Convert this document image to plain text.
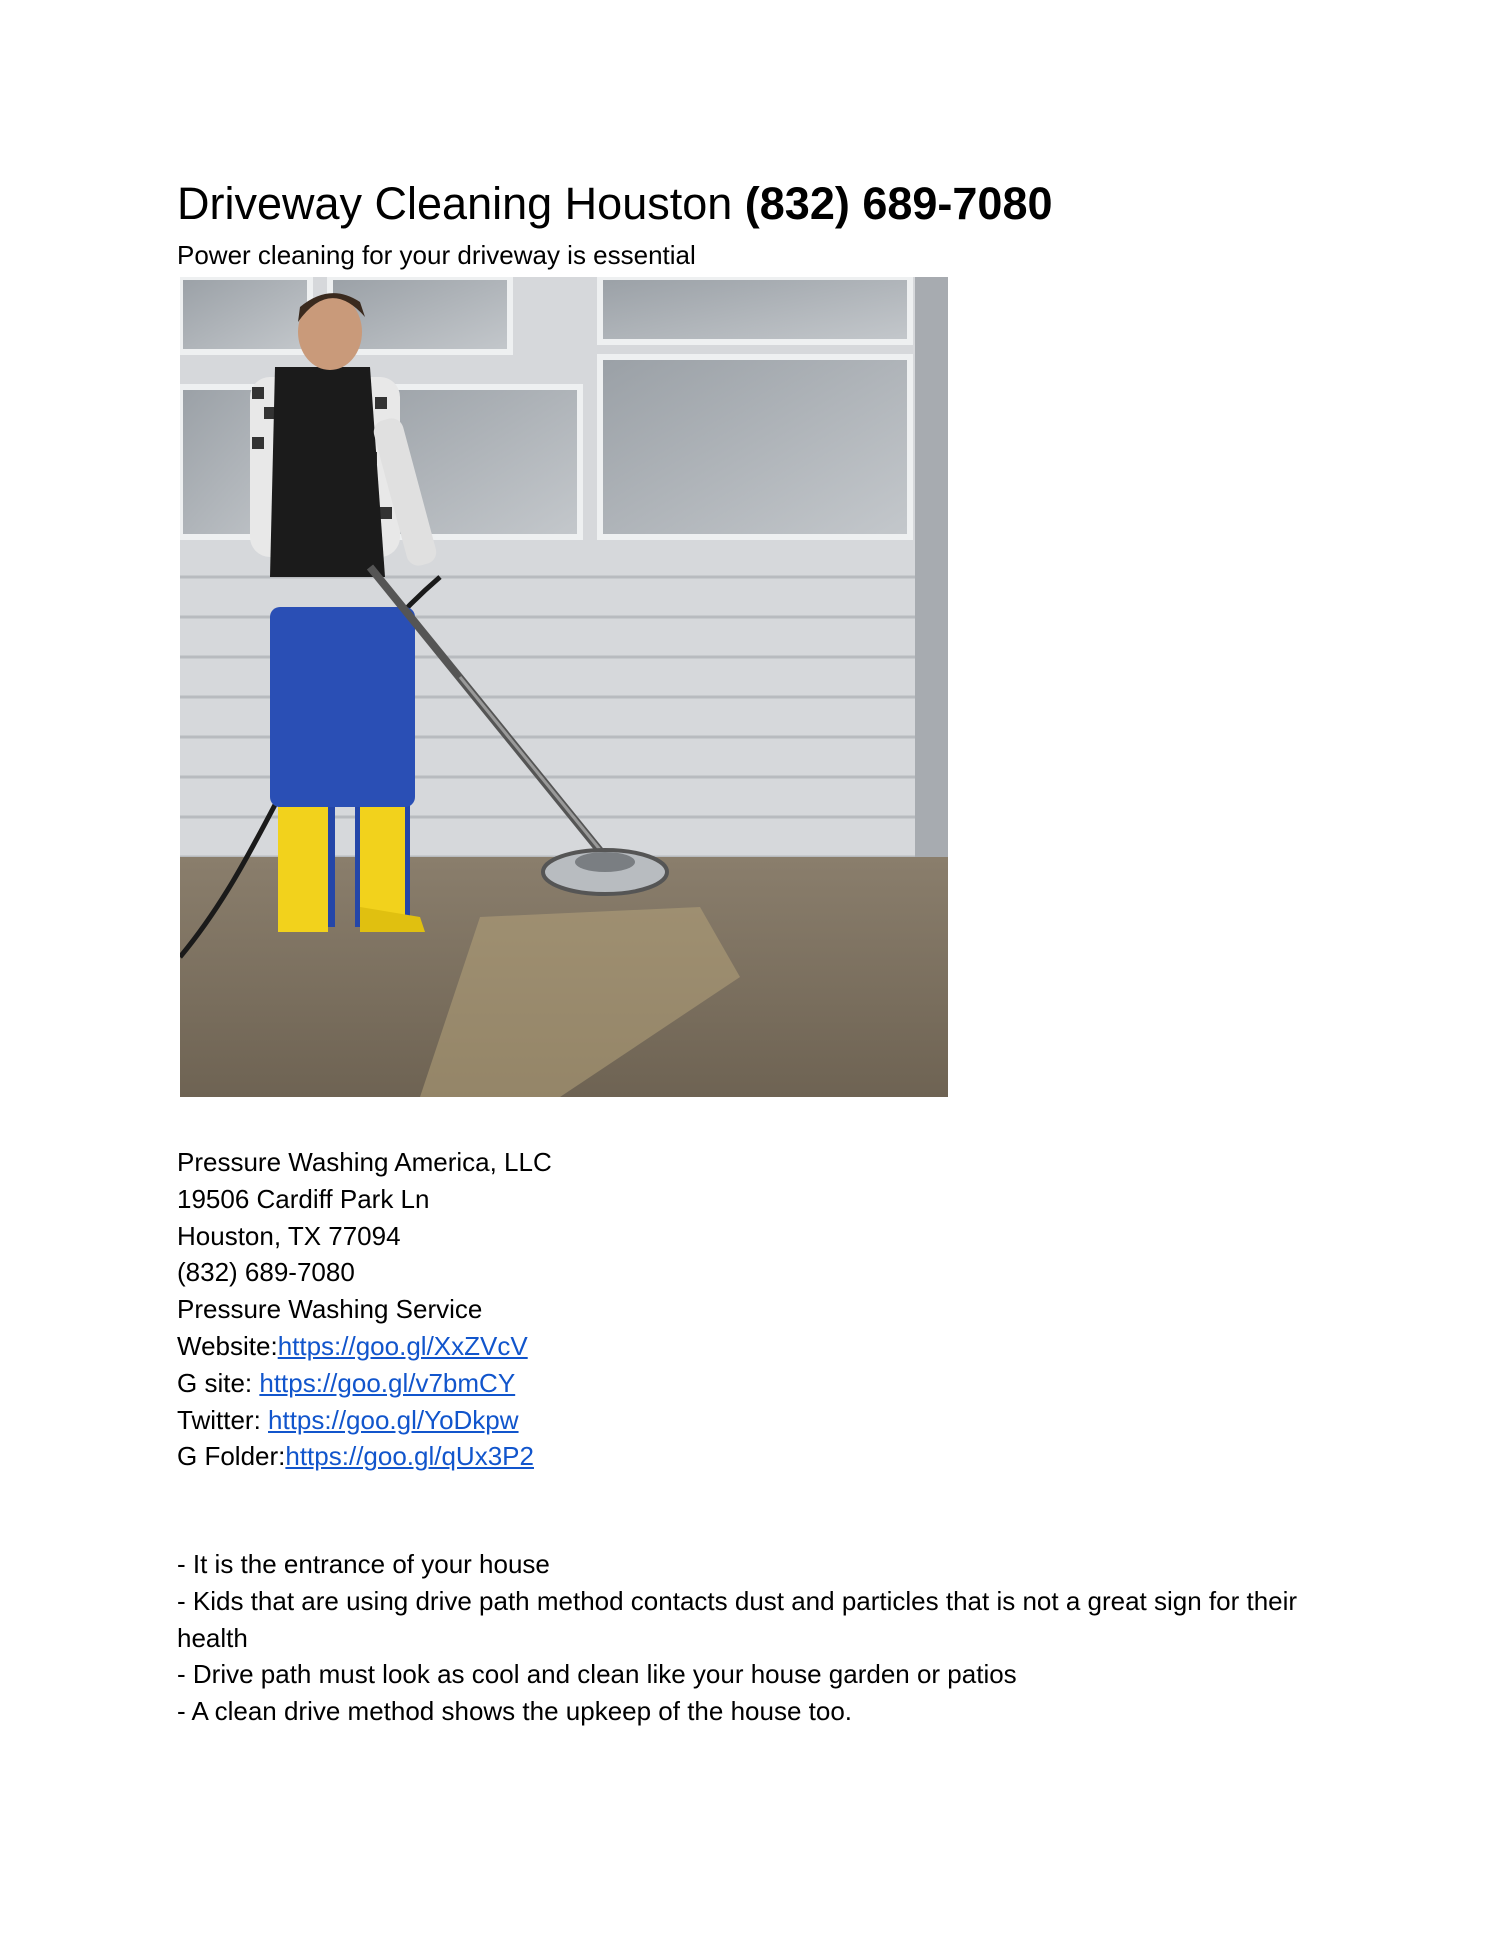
Driveway Cleaning Houston (832) 689-7080
Power cleaning for your driveway is essential
Pressure Washing America, LLC
19506 Cardiff Park Ln
Houston, TX 77094
(832) 689-7080
Pressure Washing Service
Website:https://goo.gl/XxZVcV
G site: https://goo.gl/v7bmCY
Twitter: https://goo.gl/YoDkpw
G Folder:https://goo.gl/qUx3P2
- It is the entrance of your house
- Kids that are using drive path method contacts dust and particles that is not a great sign for their health
- Drive path must look as cool and clean like your house garden or patios
- A clean drive method shows the upkeep of the house too.
